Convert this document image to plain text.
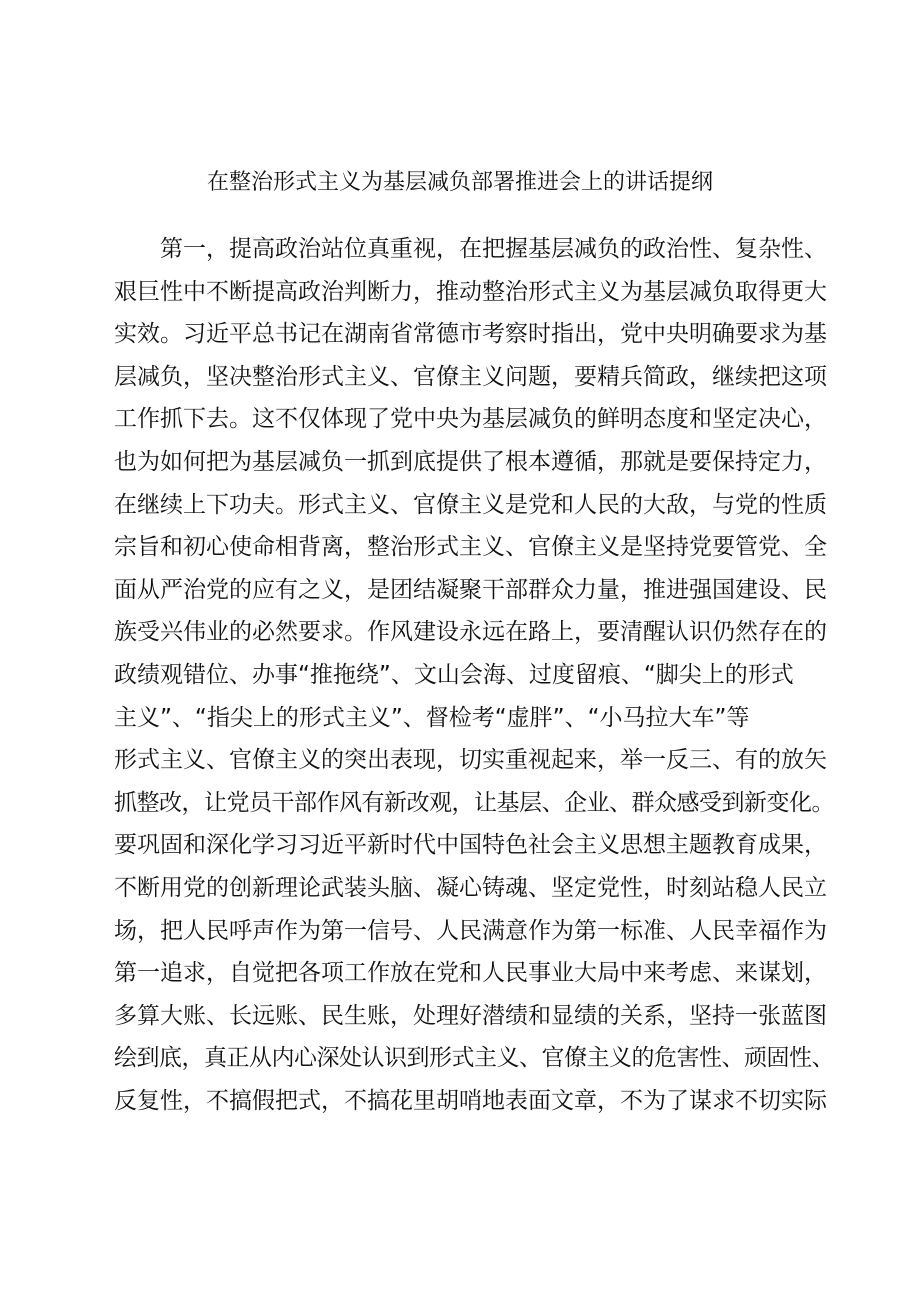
在整治形式主义为基层减负部署推进会上的讲话提纲
　　第一，提高政治站位真重视，在把握基层减负的政治性、复杂性、
艰巨性中不断提高政治判断力，推动整治形式主义为基层减负取得更大
实效。习近平总书记在湖南省常德市考察时指出，党中央明确要求为基
层减负，坚决整治形式主义、官僚主义问题，要精兵简政，继续把这项
工作抓下去。这不仅体现了党中央为基层减负的鲜明态度和坚定决心，
也为如何把为基层减负一抓到底提供了根本遵循，那就是要保持定力，
在继续上下功夫。形式主义、官僚主义是党和人民的大敌，与党的性质
宗旨和初心使命相背离，整治形式主义、官僚主义是坚持党要管党、全
面从严治党的应有之义，是团结凝聚干部群众力量，推进强国建设、民
族受兴伟业的必然要求。作风建设永远在路上，要清醒认识仍然存在的
政绩观错位、办事“推拖绕”、文山会海、过度留痕、“脚尖上的形式
主义”、“指尖上的形式主义”、督检考“虚胖”、“小马拉大车”等
形式主义、官僚主义的突出表现，切实重视起来，举一反三、有的放矢
抓整改，让党员干部作风有新改观，让基层、企业、群众感受到新变化。
要巩固和深化学习习近平新时代中国特色社会主义思想主题教育成果，
不断用党的创新理论武装头脑、凝心铸魂、坚定党性，时刻站稳人民立
场，把人民呼声作为第一信号、人民满意作为第一标准、人民幸福作为
第一追求，自觉把各项工作放在党和人民事业大局中来考虑、来谋划，
多算大账、长远账、民生账，处理好潜绩和显绩的关系，坚持一张蓝图
绘到底，真正从内心深处认识到形式主义、官僚主义的危害性、顽固性、
反复性，不搞假把式，不搞花里胡哨地表面文章，不为了谋求不切实际
